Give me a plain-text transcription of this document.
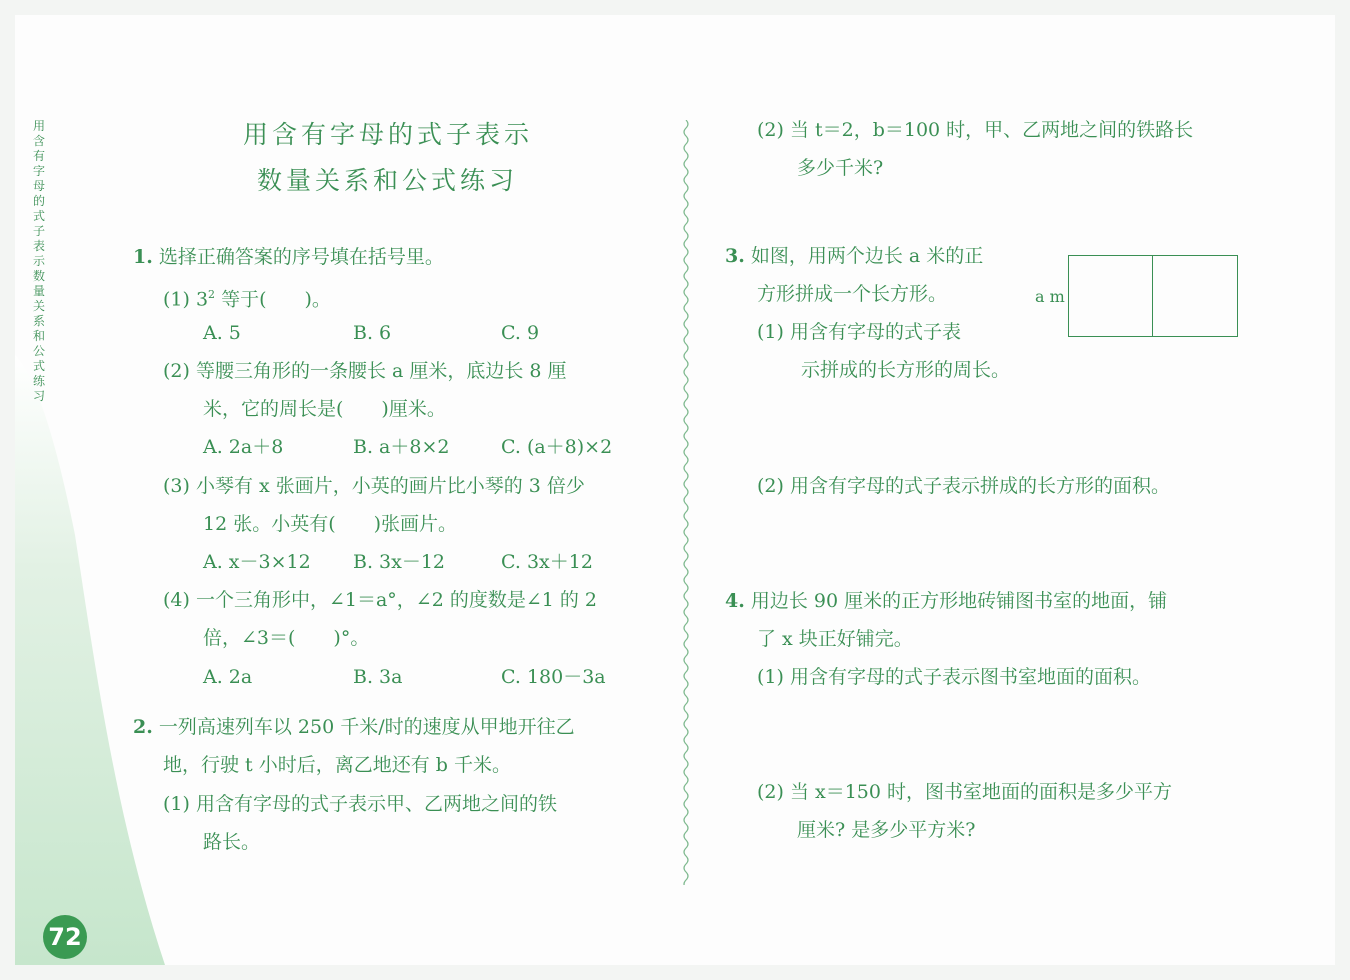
用含有字母的式子表示数量关系和公式练习
72
用含有字母的式子表示
数量关系和公式练习
1. 选择正确答案的序号填在括号里。
(1) $3^2$ 等于(　　)。
A. 5	B. 6	C. 9
(2) 等腰三角形的一条腰长 a 厘米，底边长 8 厘
米，它的周长是(　　)厘米。
A. 2a＋8	B. a＋8×2	C. (a＋8)×2
(3) 小琴有 x 张画片，小英的画片比小琴的 3 倍少
12 张。小英有(　　)张画片。
A. x－3×12 B. 3x－12	C. 3x＋12
(4) 一个三角形中，∠1＝a°，∠2 的度数是∠1 的 2
倍，∠3＝(　　)°。
A. 2a	B. 3a	C. 180－3a
2. 一列高速列车以 250 千米/时的速度从甲地开往乙
地，行驶 t 小时后，离乙地还有 b 千米。
(1) 用含有字母的式子表示甲、乙两地之间的铁
路长。
(2) 当 t＝2，b＝100 时，甲、乙两地之间的铁路长
多少千米?
3. 如图，用两个边长 a 米的正
方形拼成一个长方形。
(1) 用含有字母的式子表
示拼成的长方形的周长。
(2) 用含有字母的式子表示拼成的长方形的面积。
a m
4. 用边长 90 厘米的正方形地砖铺图书室的地面，铺
了 x 块正好铺完。
(1) 用含有字母的式子表示图书室地面的面积。
(2) 当 x＝150 时，图书室地面的面积是多少平方
厘米? 是多少平方米?
